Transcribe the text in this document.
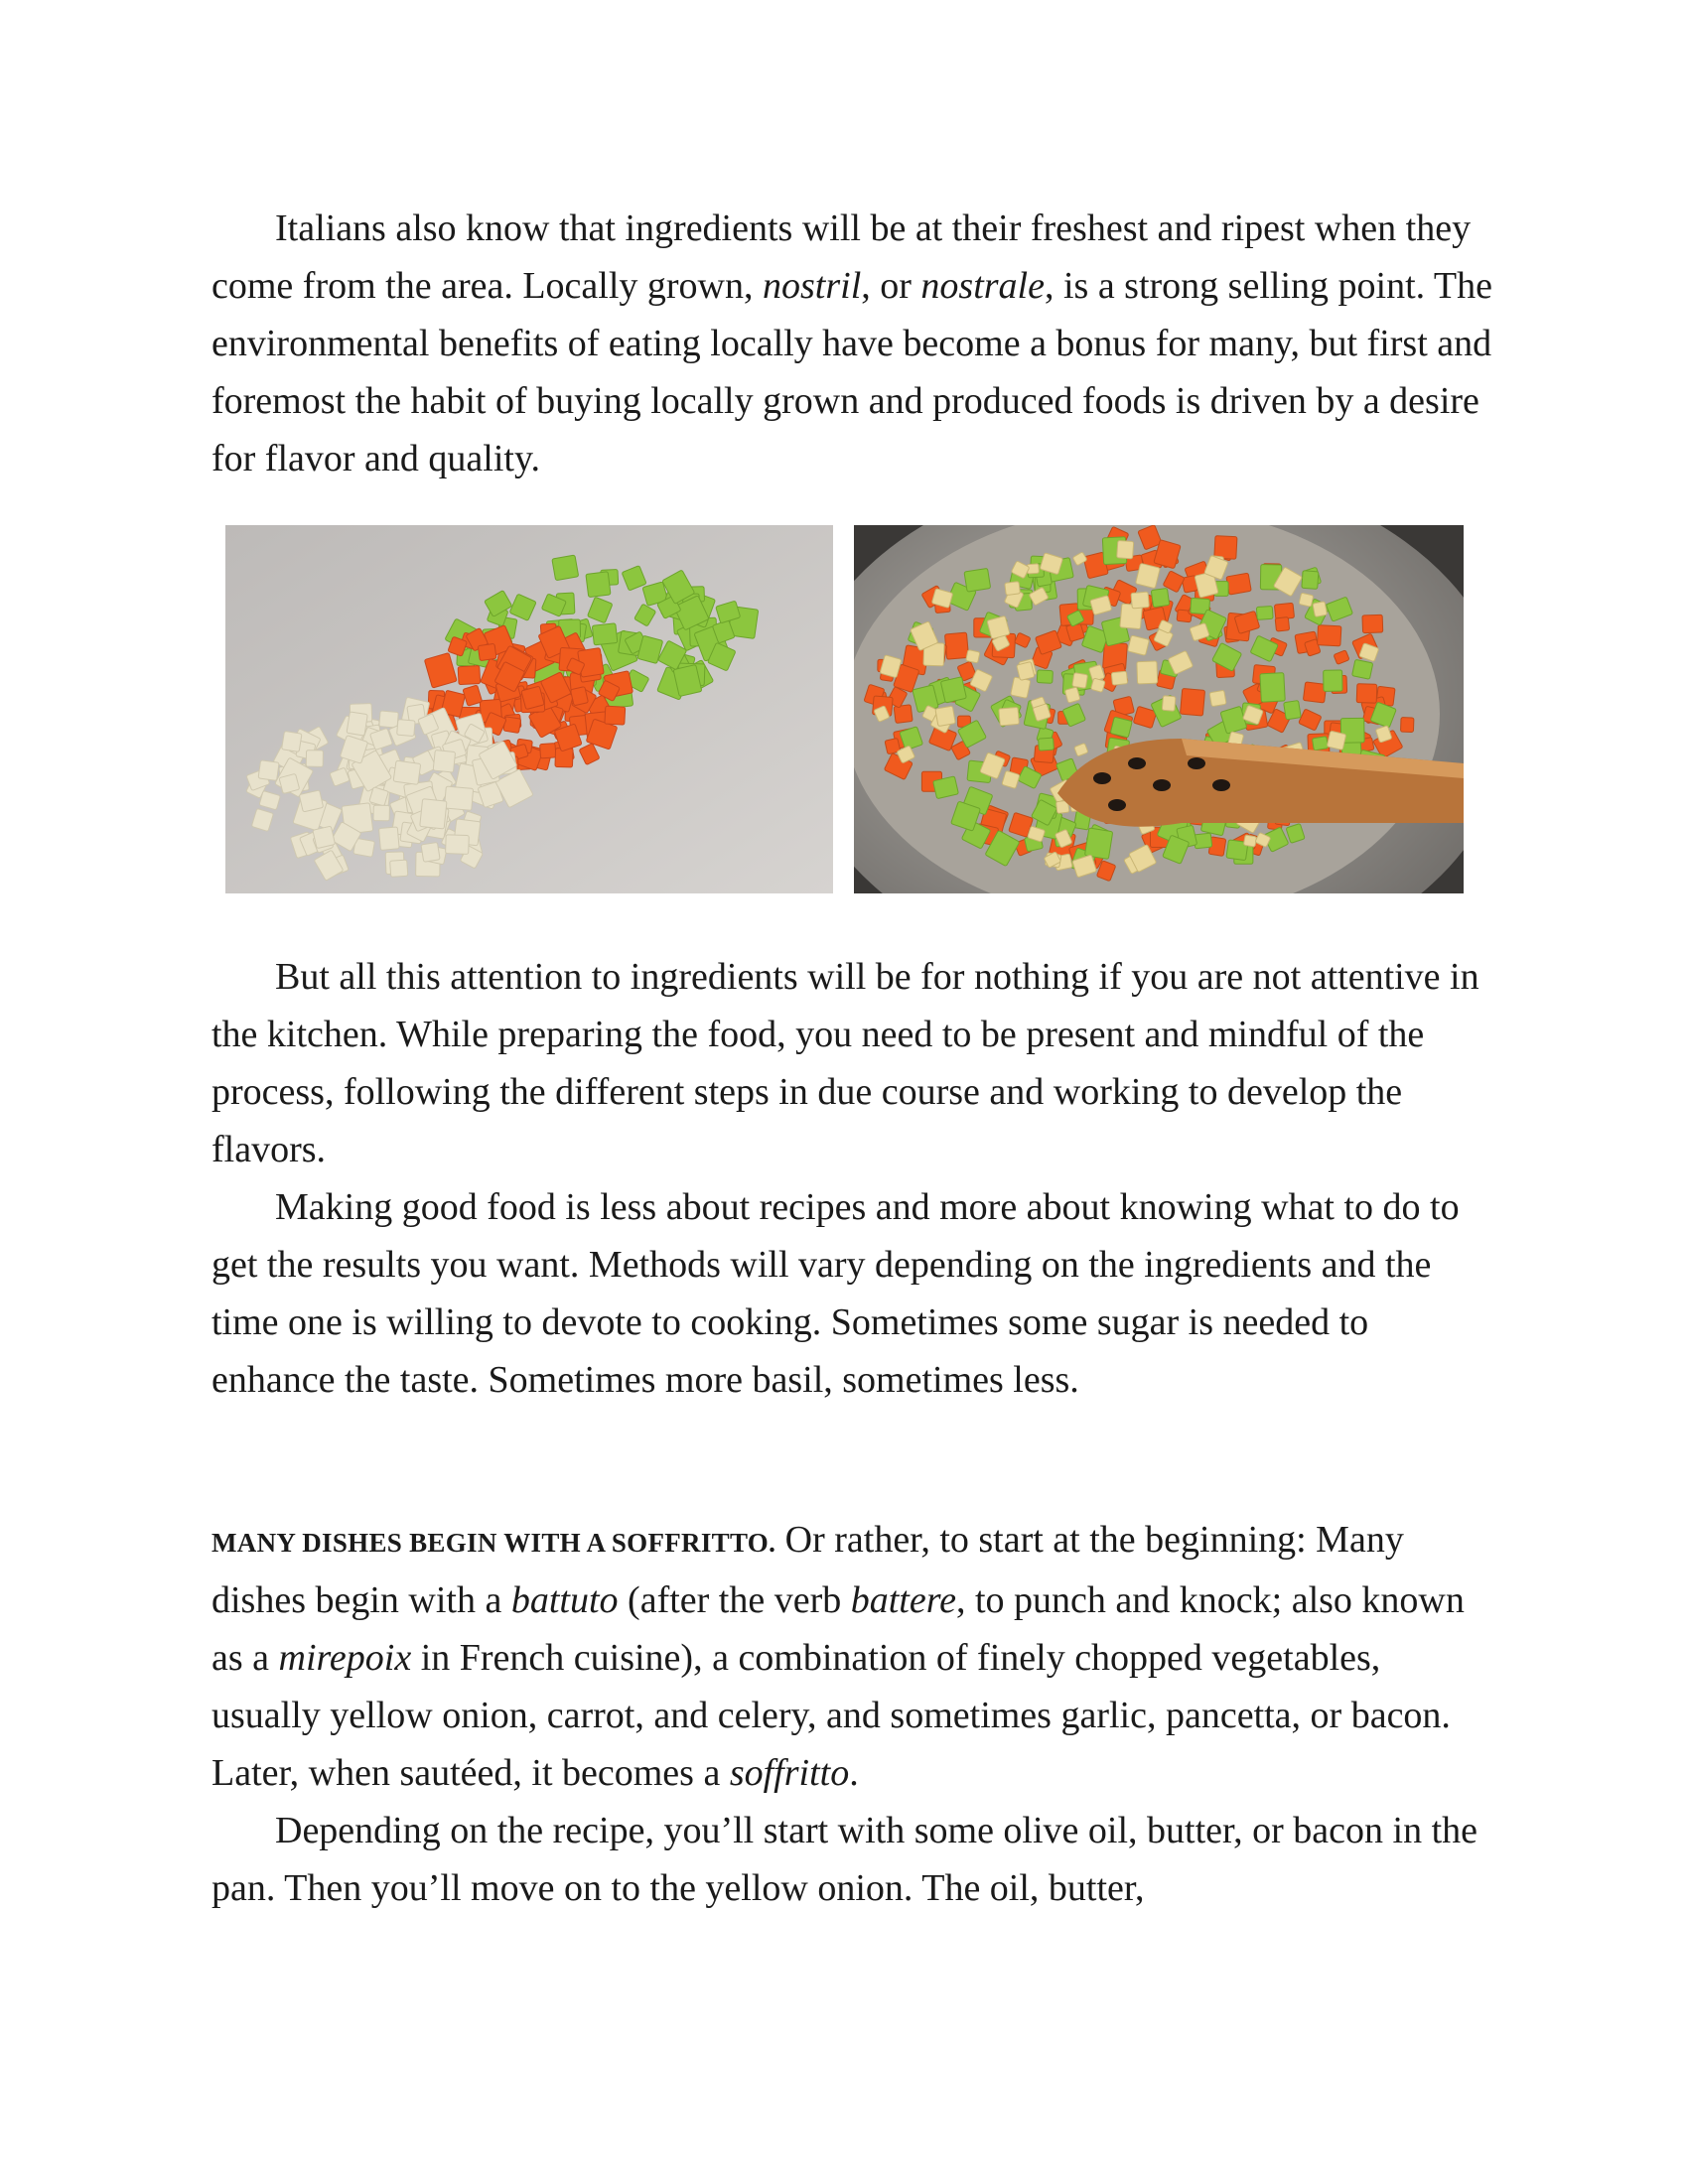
Italians also know that ingredients will be at their freshest and ripest when they come from the area. Locally grown, nostril, or nostrale, is a strong selling point. The environmental benefits of eating locally have become a bonus for many, but first and foremost the habit of buying locally grown and produced foods is driven by a desire for flavor and quality.

But all this attention to ingredients will be for nothing if you are not attentive in the kitchen. While preparing the food, you need to be present and mindful of the process, following the different steps in due course and working to develop the flavors.

Making good food is less about recipes and more about knowing what to do to get the results you want. Methods will vary depending on the ingredients and the time one is willing to devote to cooking. Sometimes some sugar is needed to enhance the taste. Sometimes more basil, sometimes less.

MANY DISHES BEGIN WITH A SOFFRITTO. Or rather, to start at the beginning: Many dishes begin with a battuto (after the verb battere, to punch and knock; also known as a mirepoix in French cuisine), a combination of finely chopped vegetables, usually yellow onion, carrot, and celery, and sometimes garlic, pancetta, or bacon. Later, when sautéed, it becomes a soffritto.

Depending on the recipe, you’ll start with some olive oil, butter, or bacon in the pan. Then you’ll move on to the yellow onion. The oil, butter,
